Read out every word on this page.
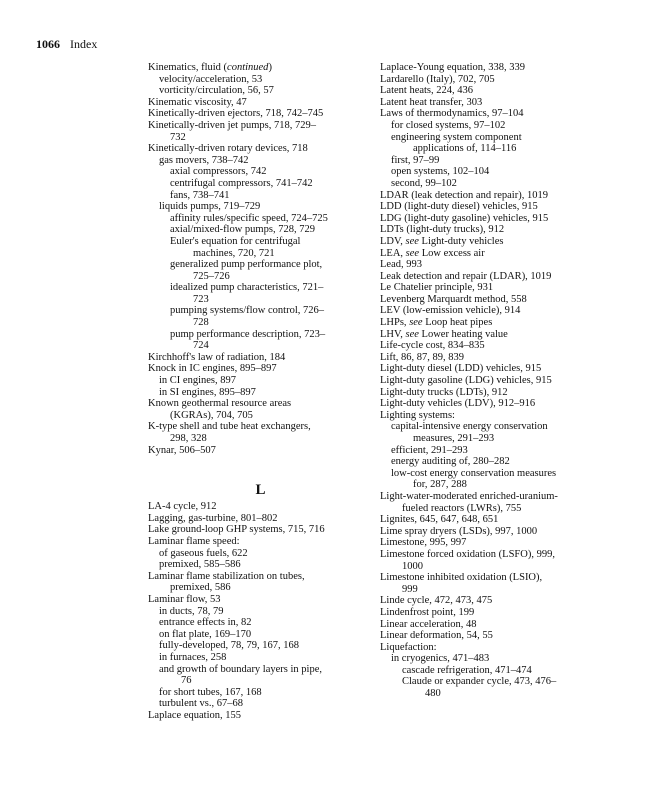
1066 Index
Kinematics, fluid (continued)
velocity/acceleration, 53
vorticity/circulation, 56, 57
Kinematic viscosity, 47
Kinetically-driven ejectors, 718, 742–745
Kinetically-driven jet pumps, 718, 729–
732
Kinetically-driven rotary devices, 718
gas movers, 738–742
axial compressors, 742
centrifugal compressors, 741–742
fans, 738–741
liquids pumps, 719–729
affinity rules/specific speed, 724–725
axial/mixed-flow pumps, 728, 729
Euler's equation for centrifugal
machines, 720, 721
generalized pump performance plot,
725–726
idealized pump characteristics, 721–
723
pumping systems/flow control, 726–
728
pump performance description, 723–
724
Kirchhoff's law of radiation, 184
Knock in IC engines, 895–897
in CI engines, 897
in SI engines, 895–897
Known geothermal resource areas
(KGRAs), 704, 705
K-type shell and tube heat exchangers,
298, 328
Kynar, 506–507
L
LA-4 cycle, 912
Lagging, gas-turbine, 801–802
Lake ground-loop GHP systems, 715, 716
Laminar flame speed:
of gaseous fuels, 622
premixed, 585–586
Laminar flame stabilization on tubes,
premixed, 586
Laminar flow, 53
in ducts, 78, 79
entrance effects in, 82
on flat plate, 169–170
fully-developed, 78, 79, 167, 168
in furnaces, 258
and growth of boundary layers in pipe,
76
for short tubes, 167, 168
turbulent vs., 67–68
Laplace equation, 155
Laplace-Young equation, 338, 339
Lardarello (Italy), 702, 705
Latent heats, 224, 436
Latent heat transfer, 303
Laws of thermodynamics, 97–104
for closed systems, 97–102
engineering system component
applications of, 114–116
first, 97–99
open systems, 102–104
second, 99–102
LDAR (leak detection and repair), 1019
LDD (light-duty diesel) vehicles, 915
LDG (light-duty gasoline) vehicles, 915
LDTs (light-duty trucks), 912
LDV, see Light-duty vehicles
LEA, see Low excess air
Lead, 993
Leak detection and repair (LDAR), 1019
Le Chatelier principle, 931
Levenberg Marquardt method, 558
LEV (low-emission vehicle), 914
LHPs, see Loop heat pipes
LHV, see Lower heating value
Life-cycle cost, 834–835
Lift, 86, 87, 89, 839
Light-duty diesel (LDD) vehicles, 915
Light-duty gasoline (LDG) vehicles, 915
Light-duty trucks (LDTs), 912
Light-duty vehicles (LDV), 912–916
Lighting systems:
capital-intensive energy conservation
measures, 291–293
efficient, 291–293
energy auditing of, 280–282
low-cost energy conservation measures
for, 287, 288
Light-water-moderated enriched-uranium-
fueled reactors (LWRs), 755
Lignites, 645, 647, 648, 651
Lime spray dryers (LSDs), 997, 1000
Limestone, 995, 997
Limestone forced oxidation (LSFO), 999,
1000
Limestone inhibited oxidation (LSIO),
999
Linde cycle, 472, 473, 475
Lindenfrost point, 199
Linear acceleration, 48
Linear deformation, 54, 55
Liquefaction:
in cryogenics, 471–483
cascade refrigeration, 471–474
Claude or expander cycle, 473, 476–
480
